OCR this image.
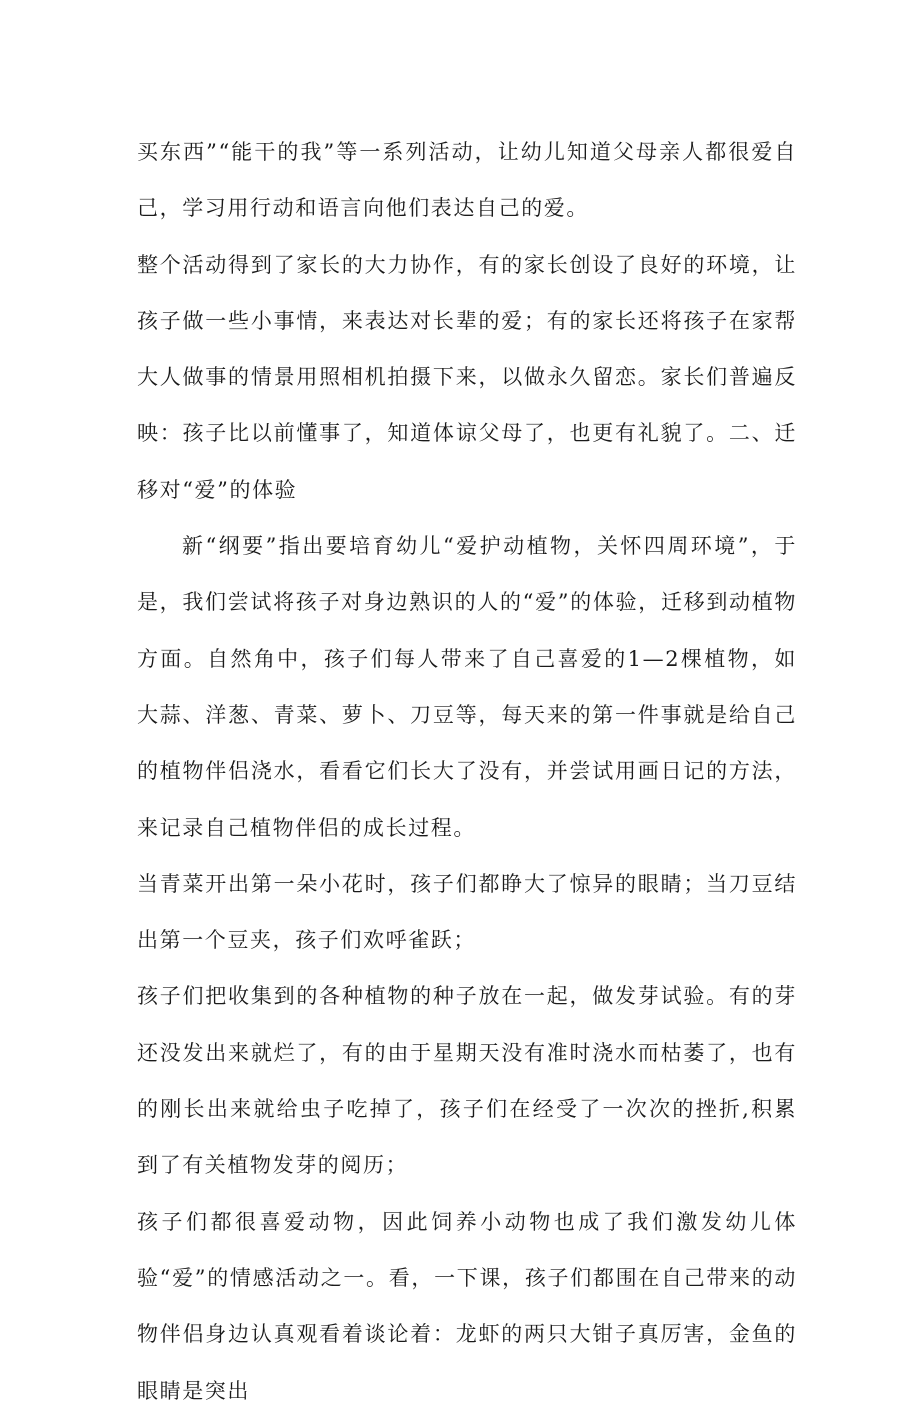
买东西”“能干的我”等一系列活动，让幼儿知道父母亲人都很爱自己，学习用行动和语言向他们表达自己的爱。

整个活动得到了家长的大力协作，有的家长创设了良好的环境，让孩子做一些小事情，来表达对长辈的爱；有的家长还将孩子在家帮大人做事的情景用照相机拍摄下来，以做永久留恋。家长们普遍反映：孩子比以前懂事了，知道体谅父母了，也更有礼貌了。二、迁移对“爱”的体验

新“纲要”指出要培育幼儿“爱护动植物，关怀四周环境”，于是，我们尝试将孩子对身边熟识的人的“爱”的体验，迁移到动植物方面。自然角中，孩子们每人带来了自己喜爱的1—2棵植物，如大蒜、洋葱、青菜、萝卜、刀豆等，每天来的第一件事就是给自己的植物伴侣浇水，看看它们长大了没有，并尝试用画日记的方法，来记录自己植物伴侣的成长过程。

当青菜开出第一朵小花时，孩子们都睁大了惊异的眼睛；当刀豆结出第一个豆夹，孩子们欢呼雀跃；

孩子们把收集到的各种植物的种子放在一起，做发芽试验。有的芽还没发出来就烂了，有的由于星期天没有准时浇水而枯萎了，也有的刚长出来就给虫子吃掉了，孩子们在经受了一次次的挫折,积累到了有关植物发芽的阅历；

孩子们都很喜爱动物，因此饲养小动物也成了我们激发幼儿体验“爱”的情感活动之一。看，一下课，孩子们都围在自己带来的动物伴侣身边认真观看着谈论着：龙虾的两只大钳子真厉害，金鱼的眼睛是突出
